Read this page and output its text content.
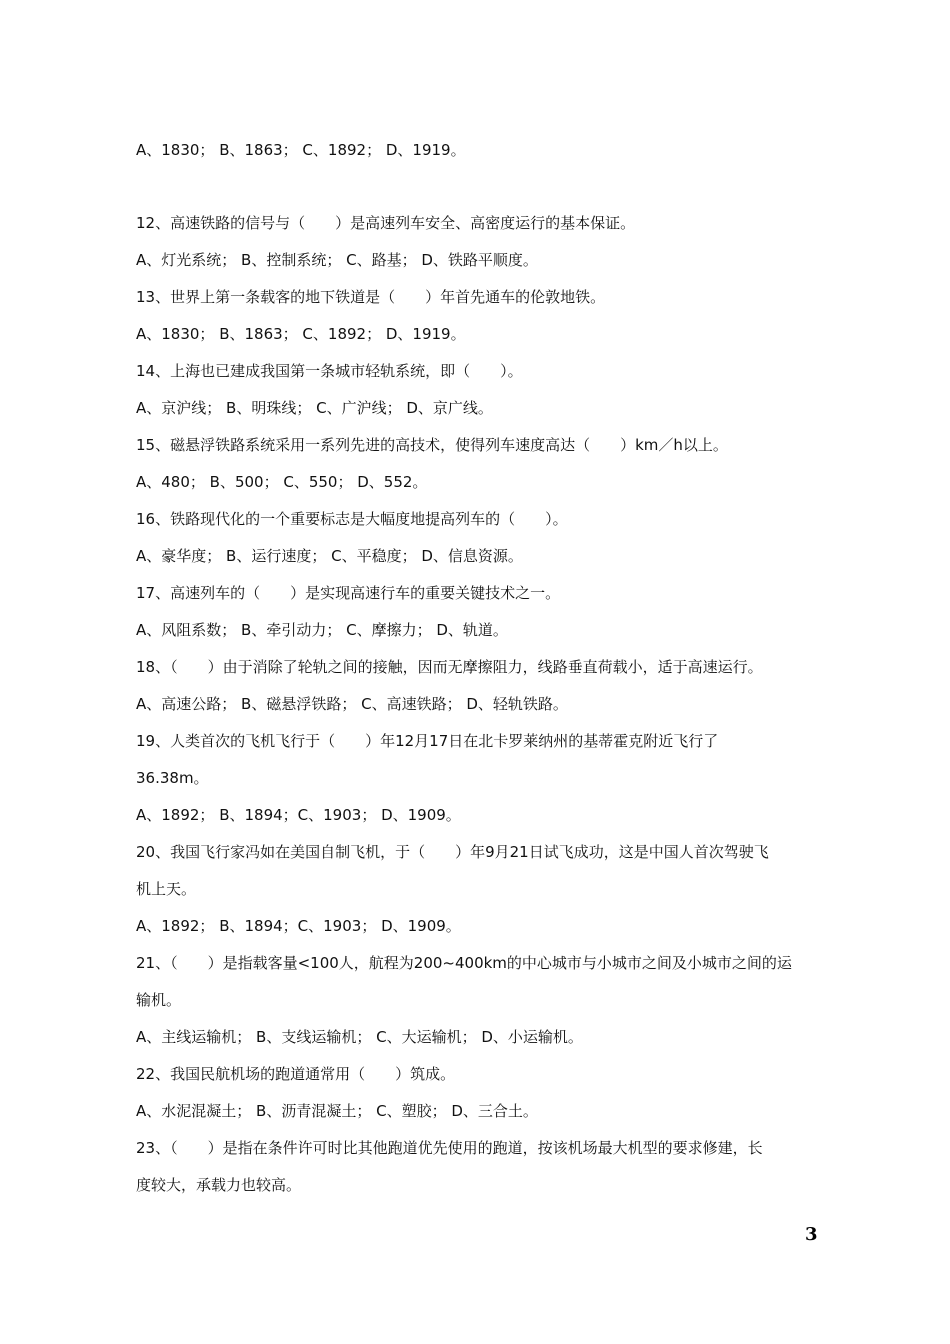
A、1830； B、1863； C、1892； D、1919。
12、高速铁路的信号与（　　）是高速列车安全、高密度运行的基本保证。
A、灯光系统； B、控制系统； C、路基； D、铁路平顺度。
13、世界上第一条载客的地下铁道是（　　）年首先通车的伦敦地铁。
A、1830； B、1863； C、1892； D、1919。
14、上海也已建成我国第一条城市轻轨系统，即（　　）。
A、京沪线； B、明珠线； C、广沪线； D、京广线。
15、磁悬浮铁路系统采用一系列先进的高技术，使得列车速度高达（　　）km／h以上。
A、480； B、500； C、550； D、552。
16、铁路现代化的一个重要标志是大幅度地提高列车的（　　）。
A、豪华度； B、运行速度； C、平稳度； D、信息资源。
17、高速列车的（　　）是实现高速行车的重要关键技术之一。
A、风阻系数； B、牵引动力； C、摩擦力； D、轨道。
18、（　　）由于消除了轮轨之间的接触，因而无摩擦阻力，线路垂直荷载小，适于高速运行。
A、高速公路； B、磁悬浮铁路； C、高速铁路； D、轻轨铁路。
19、人类首次的飞机飞行于（　　）年12月17日在北卡罗莱纳州的基蒂霍克附近飞行了
36.38m。
A、1892； B、1894；C、1903； D、1909。
20、我国飞行家冯如在美国自制飞机，于（　　）年9月21日试飞成功，这是中国人首次驾驶飞
机上天。
A、1892； B、1894；C、1903； D、1909。
21、（　　）是指载客量<100人，航程为200~400km的中心城市与小城市之间及小城市之间的运
输机。
A、主线运输机； B、支线运输机； C、大运输机； D、小运输机。
22、我国民航机场的跑道通常用（　　）筑成。
A、水泥混凝土； B、沥青混凝土； C、塑胶； D、三合土。
23、（　　）是指在条件许可时比其他跑道优先使用的跑道，按该机场最大机型的要求修建，长
度较大，承载力也较高。
3
